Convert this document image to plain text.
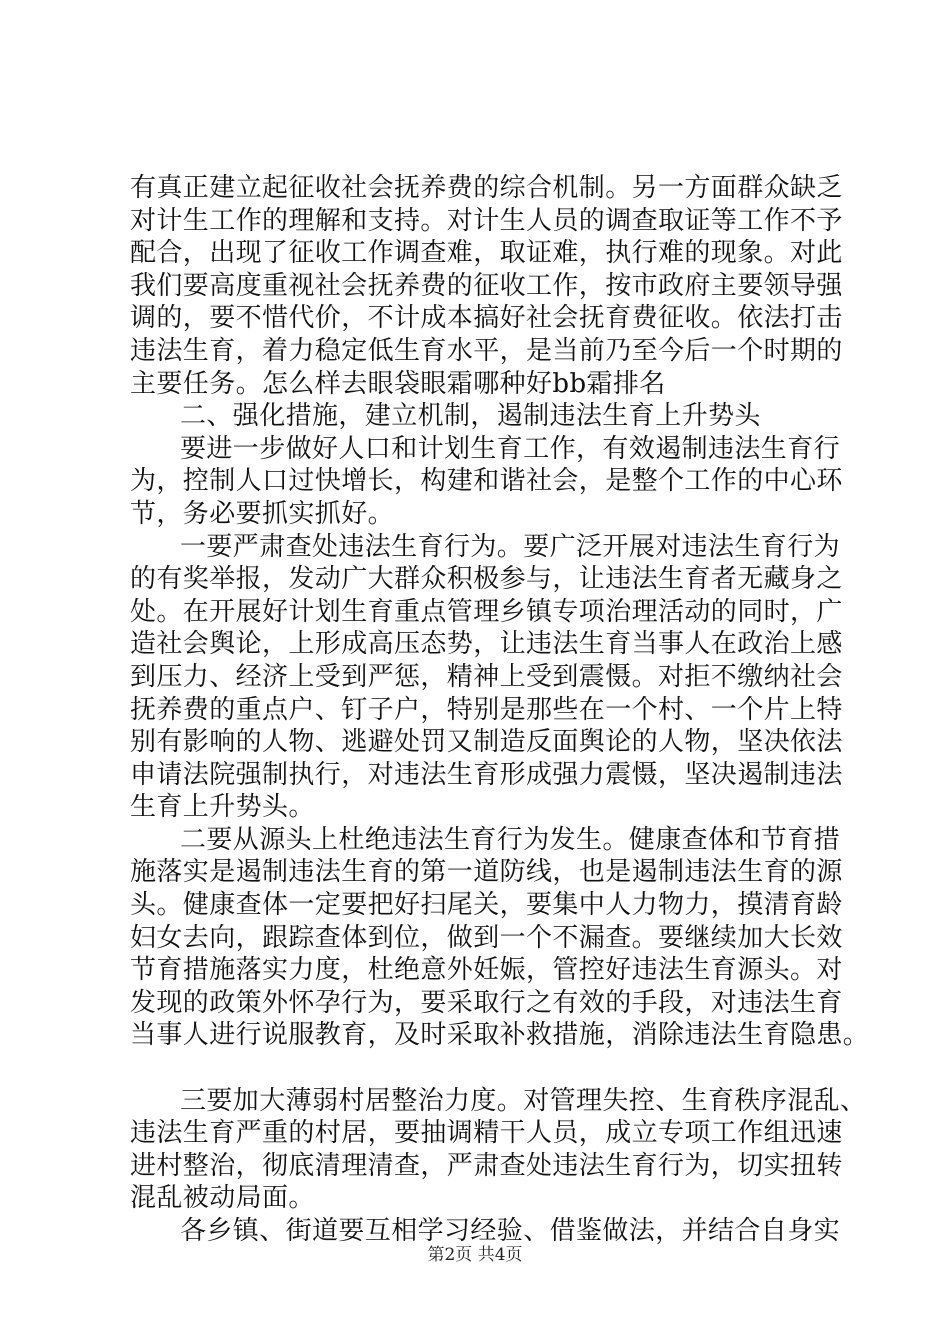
有真正建立起征收社会抚养费的综合机制。另一方面群众缺乏
对计生工作的理解和支持。对计生人员的调查取证等工作不予
配合，出现了征收工作调查难，取证难，执行难的现象。对此
我们要高度重视社会抚养费的征收工作，按市政府主要领导强
调的，要不惜代价，不计成本搞好社会抚育费征收。依法打击
违法生育，着力稳定低生育水平，是当前乃至今后一个时期的
主要任务。怎么样去眼袋眼霜哪种好bb霜排名
二、强化措施，建立机制，遏制违法生育上升势头
要进一步做好人口和计划生育工作，有效遏制违法生育行
为，控制人口过快增长，构建和谐社会，是整个工作的中心环
节，务必要抓实抓好。
一要严肃查处违法生育行为。要广泛开展对违法生育行为
的有奖举报，发动广大群众积极参与，让违法生育者无藏身之
处。在开展好计划生育重点管理乡镇专项治理活动的同时，广
造社会舆论，上形成高压态势，让违法生育当事人在政治上感
到压力、经济上受到严惩，精神上受到震慑。对拒不缴纳社会
抚养费的重点户、钉子户，特别是那些在一个村、一个片上特
别有影响的人物、逃避处罚又制造反面舆论的人物，坚决依法
申请法院强制执行，对违法生育形成强力震慑，坚决遏制违法
生育上升势头。
二要从源头上杜绝违法生育行为发生。健康查体和节育措
施落实是遏制违法生育的第一道防线，也是遏制违法生育的源
头。健康查体一定要把好扫尾关，要集中人力物力，摸清育龄
妇女去向，跟踪查体到位，做到一个不漏查。要继续加大长效
节育措施落实力度，杜绝意外妊娠，管控好违法生育源头。对
发现的政策外怀孕行为，要采取行之有效的手段，对违法生育
当事人进行说服教育，及时采取补救措施，消除违法生育隐患。
三要加大薄弱村居整治力度。对管理失控、生育秩序混乱、
违法生育严重的村居，要抽调精干人员，成立专项工作组迅速
进村整治，彻底清理清查，严肃查处违法生育行为，切实扭转
混乱被动局面。
各乡镇、街道要互相学习经验、借鉴做法，并结合自身实
第2页 共4页
